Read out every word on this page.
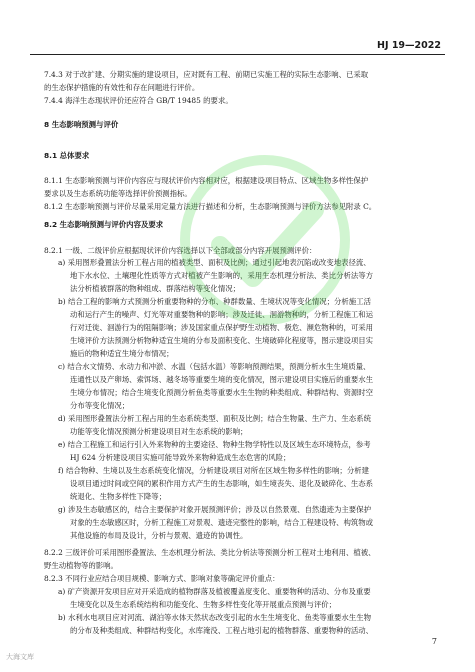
HJ 19—2022
7.4.3 对于改扩建、分期实施的建设项目，应对既有工程、前期已实施工程的实际生态影响、已采取
的生态保护措施的有效性和存在问题进行评价。
7.4.4 海洋生态现状评价还应符合 GB/T 19485 的要求。
8 生态影响预测与评价
8.1 总体要求
8.1.1 生态影响预测与评价内容应与现状评价内容相对应，根据建设项目特点、区域生物多样性保护
要求以及生态系统功能等选择评价预测指标。
8.1.2 生态影响预测与评价尽量采用定量方法进行描述和分析，生态影响预测与评价方法参见附录 C。
8.2 生态影响预测与评价内容及要求
8.2.1 一级、二级评价应根据现状评价内容选择以下全部或部分内容开展预测评价：
a) 采用图形叠置法分析工程占用的植被类型、面积及比例；通过引起地表沉陷或改变地表径流、
地下水水位、土壤理化性质等方式对植被产生影响的，采用生态机理分析法、类比分析法等方
法分析植被群落的物种组成、群落结构等变化情况；
b) 结合工程的影响方式预测分析重要物种的分布、种群数量、生境状况等变化情况；分析施工活
动和运行产生的噪声、灯光等对重要物种的影响；涉及迁徙、洄游物种的，分析工程施工和运
行对迁徙、洄游行为的阻隔影响；涉及国家重点保护野生动植物、极危、濒危物种的，可采用
生境评价方法预测分析物种适宜生境的分布及面积变化、生境破碎化程度等，图示建设项目实
施后的物种适宜生境分布情况；
c) 结合水文情势、水动力和冲淤、水温（包括水温）等影响预测结果，预测分析水生生境质量、
连通性以及产卵场、索饵场、越冬场等重要生境的变化情况，图示建设项目实施后的重要水生
生境分布情况；结合生境变化预测分析鱼类等重要水生生物的种类组成、种群结构、资源时空
分布等变化情况；
d) 采用图形叠置法分析工程占用的生态系统类型、面积及比例；结合生物量、生产力、生态系统
功能等变化情况预测分析建设项目对生态系统的影响；
e) 结合工程施工和运行引入外来物种的主要途径、物种生物学特性以及区域生态环境特点，参考
HJ 624 分析建设项目实施可能导致外来物种造成生态危害的风险；
f) 结合物种、生境以及生态系统变化情况，分析建设项目对所在区域生物多样性的影响；分析建
设项目通过时间或空间的累积作用方式产生的生态影响，如生境丧失、退化及破碎化、生态系
统退化、生物多样性下降等；
g) 涉及生态敏感区的，结合主要保护对象开展预测评价；涉及以自然景观、自然遗迹为主要保护
对象的生态敏感区时，分析工程施工对景观、遗迹完整性的影响，结合工程建设特、构筑物或
其他设施的布局及设计，分析与景观、遗迹的协调性。
8.2.2 三级评价可采用图形叠置法、生态机理分析法、类比分析法等预测分析工程对土地利用、植被、
野生动植物等的影响。
8.2.3 不同行业应结合项目规模、影响方式、影响对象等确定评价重点：
a) 矿产资源开发项目应对开采造成的植物群落及植被覆盖度变化、重要物种的活动、分布及重要
生境变化以及生态系统结构和功能变化、生物多样性变化等开展重点预测与评价；
b) 水利水电项目应对河流、湖泊等水体天然状态改变引起的水生生境变化、鱼类等重要水生生物
的分布及种类组成、种群结构变化，水库淹没、工程占地引起的植物群落、重要物种的活动、
7
大海文库
